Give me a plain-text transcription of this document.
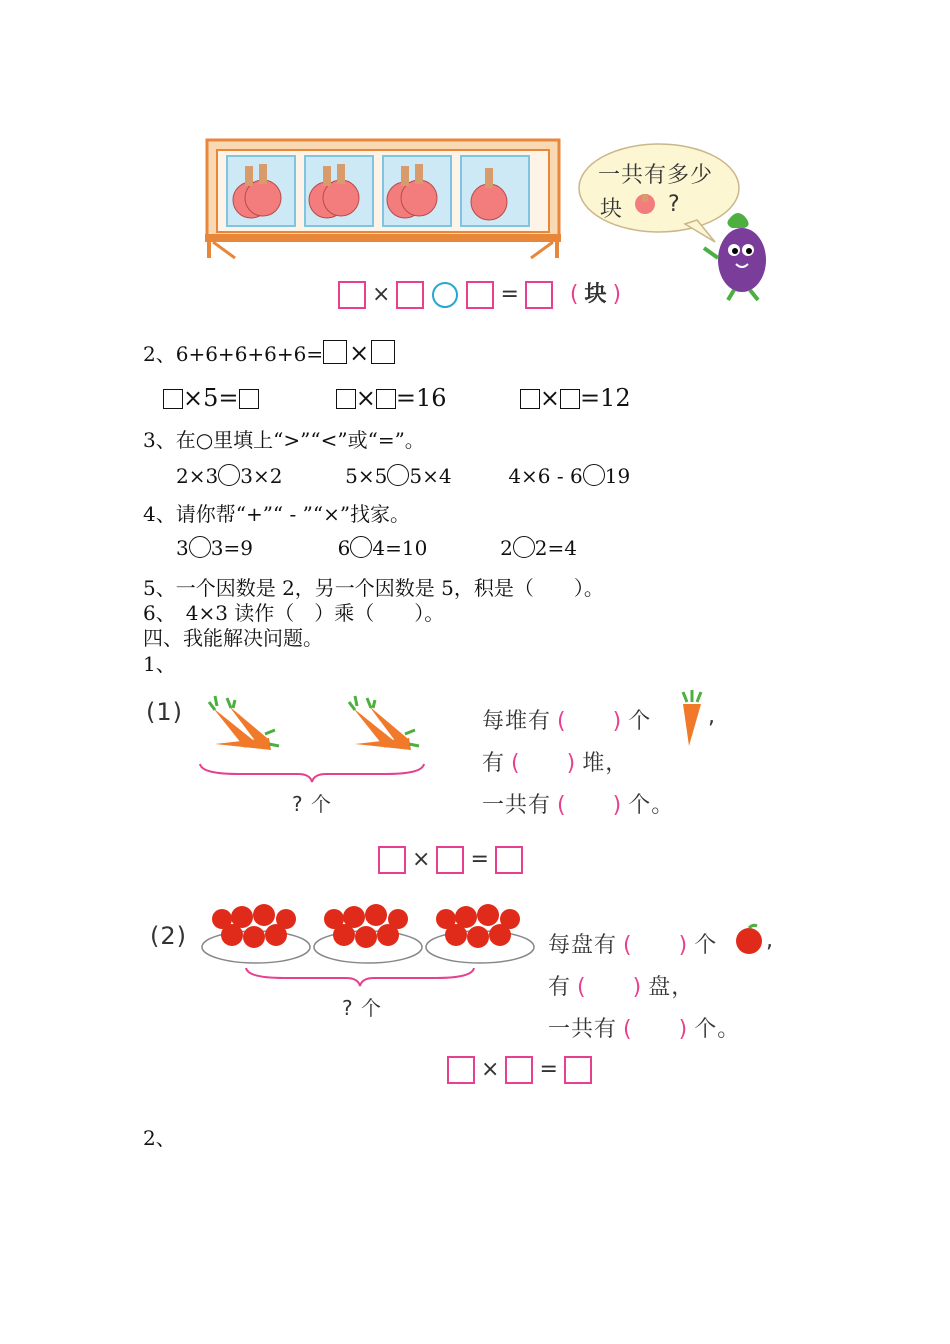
一共有多少
块 ?
×	= ( 块 )
2、6+6+6+6+6= ×
×5=	× =16	× =12
3、在○里填上“>”“<”或“=”。
2×3 3×2	5×5 5×4	4×6 - 6 19
4、请你帮“+”“ - ”“×”找家。
3 3=9	6 4=10	2 2=4
5、一个因数是 2，另一个因数是 5，积是（　　）。
6、　4×3 读作（　）乘（　　）。
四、我能解决问题。
1、
(1)
? 个
每堆有 (　　) 个	,
有 (　　) 堆，
一共有 (　　) 个。
× =
(2)
? 个
每盘有 (　　) 个 ,
有 (　　) 盘，
一共有 (　　) 个。
× =
2、
